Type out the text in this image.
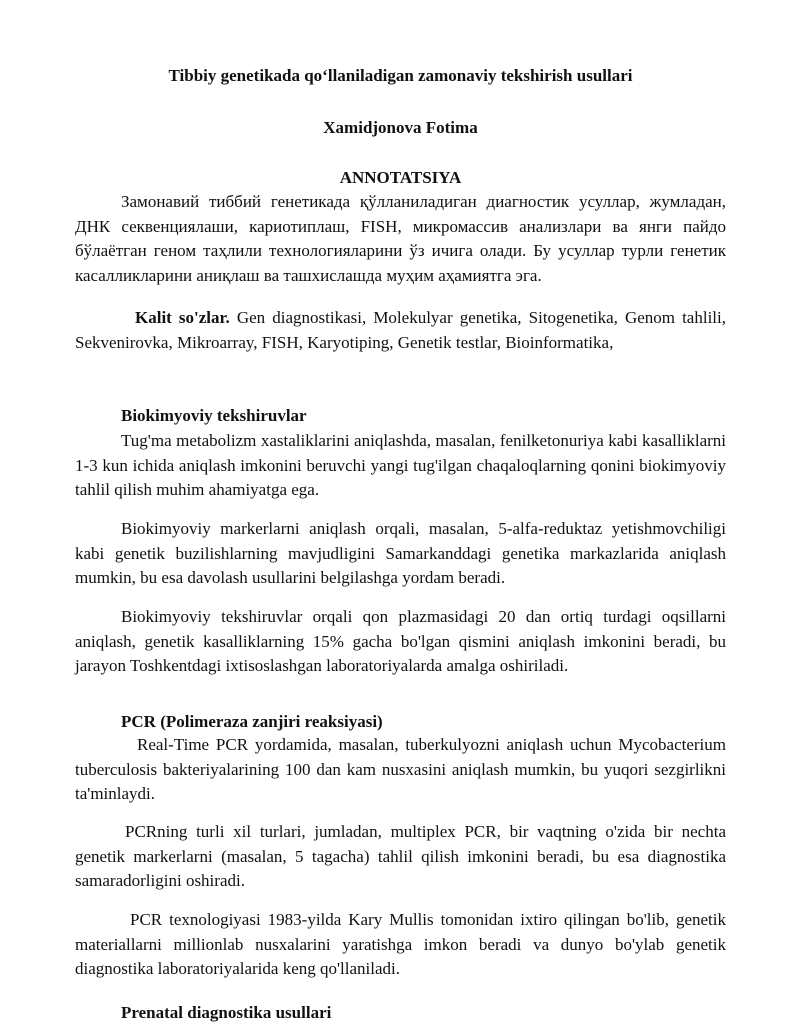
Tibbiy genetikada qo‘llaniladigan zamonaviy tekshirish usullari

Xamidjonova Fotima

ANNOTATSIYA

Замонавий тиббий генетикада қўлланиладиган диагностик усуллар, жумладан, ДНК секвенциялаши, кариотиплаш, FISH, микромассив анализлари ва янги пайдо бўлаётган геном таҳлили технологияларини ўз ичига олади. Бу усуллар турли генетик касалликларини аниқлаш ва ташхислашда муҳим аҳамиятга эга.

Kalit so'zlar. Gen diagnostikasi, Molekulyar genetika, Sitogenetika, Genom tahlili, Sekvenirovka, Mikroarray, FISH, Karyotiping, Genetik testlar, Bioinformatika,

Biokimyoviy tekshiruvlar

Tug'ma metabolizm xastaliklarini aniqlashda, masalan, fenilketonuriya kabi kasalliklarni 1-3 kun ichida aniqlash imkonini beruvchi yangi tug'ilgan chaqaloqlarning qonini biokimyoviy tahlil qilish muhim ahamiyatga ega.

Biokimyoviy markerlarni aniqlash orqali, masalan, 5-alfa-reduktaz yetishmovchiligi kabi genetik buzilishlarning mavjudligini Samarkanddagi genetika markazlarida aniqlash mumkin, bu esa davolash usullarini belgilashga yordam beradi.

Biokimyoviy tekshiruvlar orqali qon plazmasidagi 20 dan ortiq turdagi oqsillarni aniqlash, genetik kasalliklarning 15% gacha bo'lgan qismini aniqlash imkonini beradi, bu jarayon Toshkentdagi ixtisoslashgan laboratoriyalarda amalga oshiriladi.

PCR (Polimeraza zanjiri reaksiyasi)

Real-Time PCR yordamida, masalan, tuberkulyozni aniqlash uchun Mycobacterium tuberculosis bakteriyalarining 100 dan kam nusxasini aniqlash mumkin, bu yuqori sezgirlikni ta'minlaydi.

PCRning turli xil turlari, jumladan, multiplex PCR, bir vaqtning o'zida bir nechta genetik markerlarni (masalan, 5 tagacha) tahlil qilish imkonini beradi, bu esa diagnostika samaradorligini oshiradi.

PCR texnologiyasi 1983-yilda Kary Mullis tomonidan ixtiro qilingan bo'lib, genetik materiallarni millionlab nusxalarini yaratishga imkon beradi va dunyo bo'ylab genetik diagnostika laboratoriyalarida keng qo'llaniladi.

Prenatal diagnostika usullari
